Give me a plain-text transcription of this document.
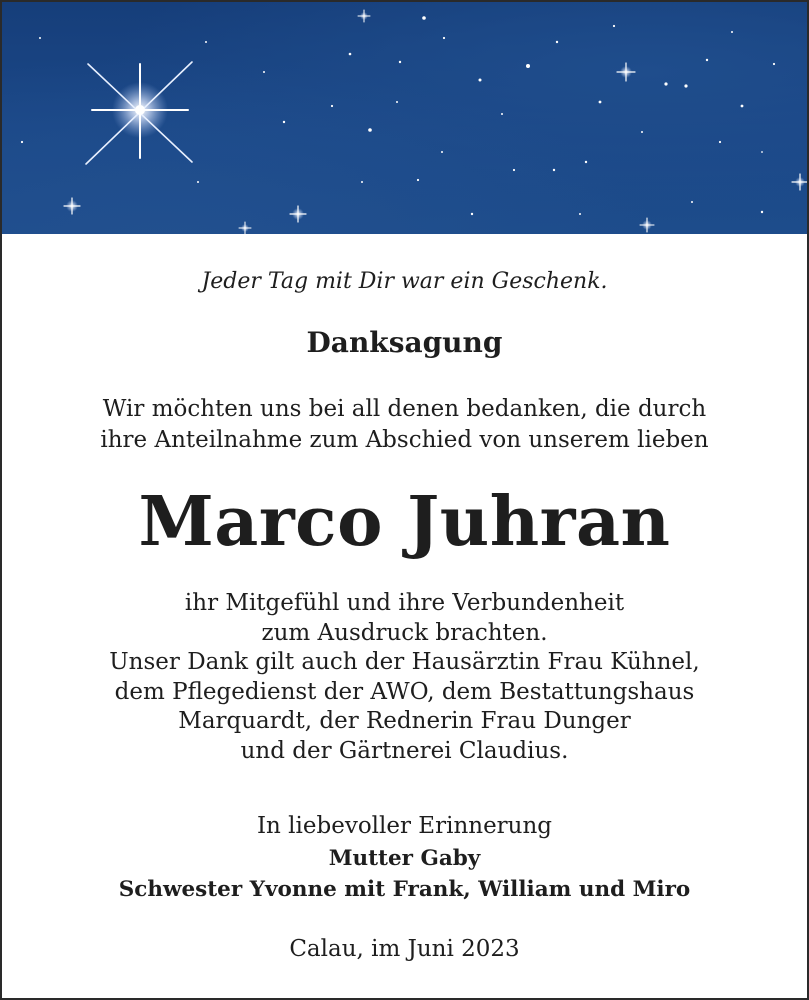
Jeder Tag mit Dir war ein Geschenk.
Danksagung
Wir möchten uns bei all denen bedanken, die durch
ihre Anteilnahme zum Abschied von unserem lieben
Marco Juhran
ihr Mitgefühl und ihre Verbundenheit
zum Ausdruck brachten.
Unser Dank gilt auch der Hausärztin Frau Kühnel,
dem Pflegedienst der AWO, dem Bestattungshaus
Marquardt, der Rednerin Frau Dunger
und der Gärtnerei Claudius.
In liebevoller Erinnerung
Mutter Gaby
Schwester Yvonne mit Frank, William und Miro
Calau, im Juni 2023
